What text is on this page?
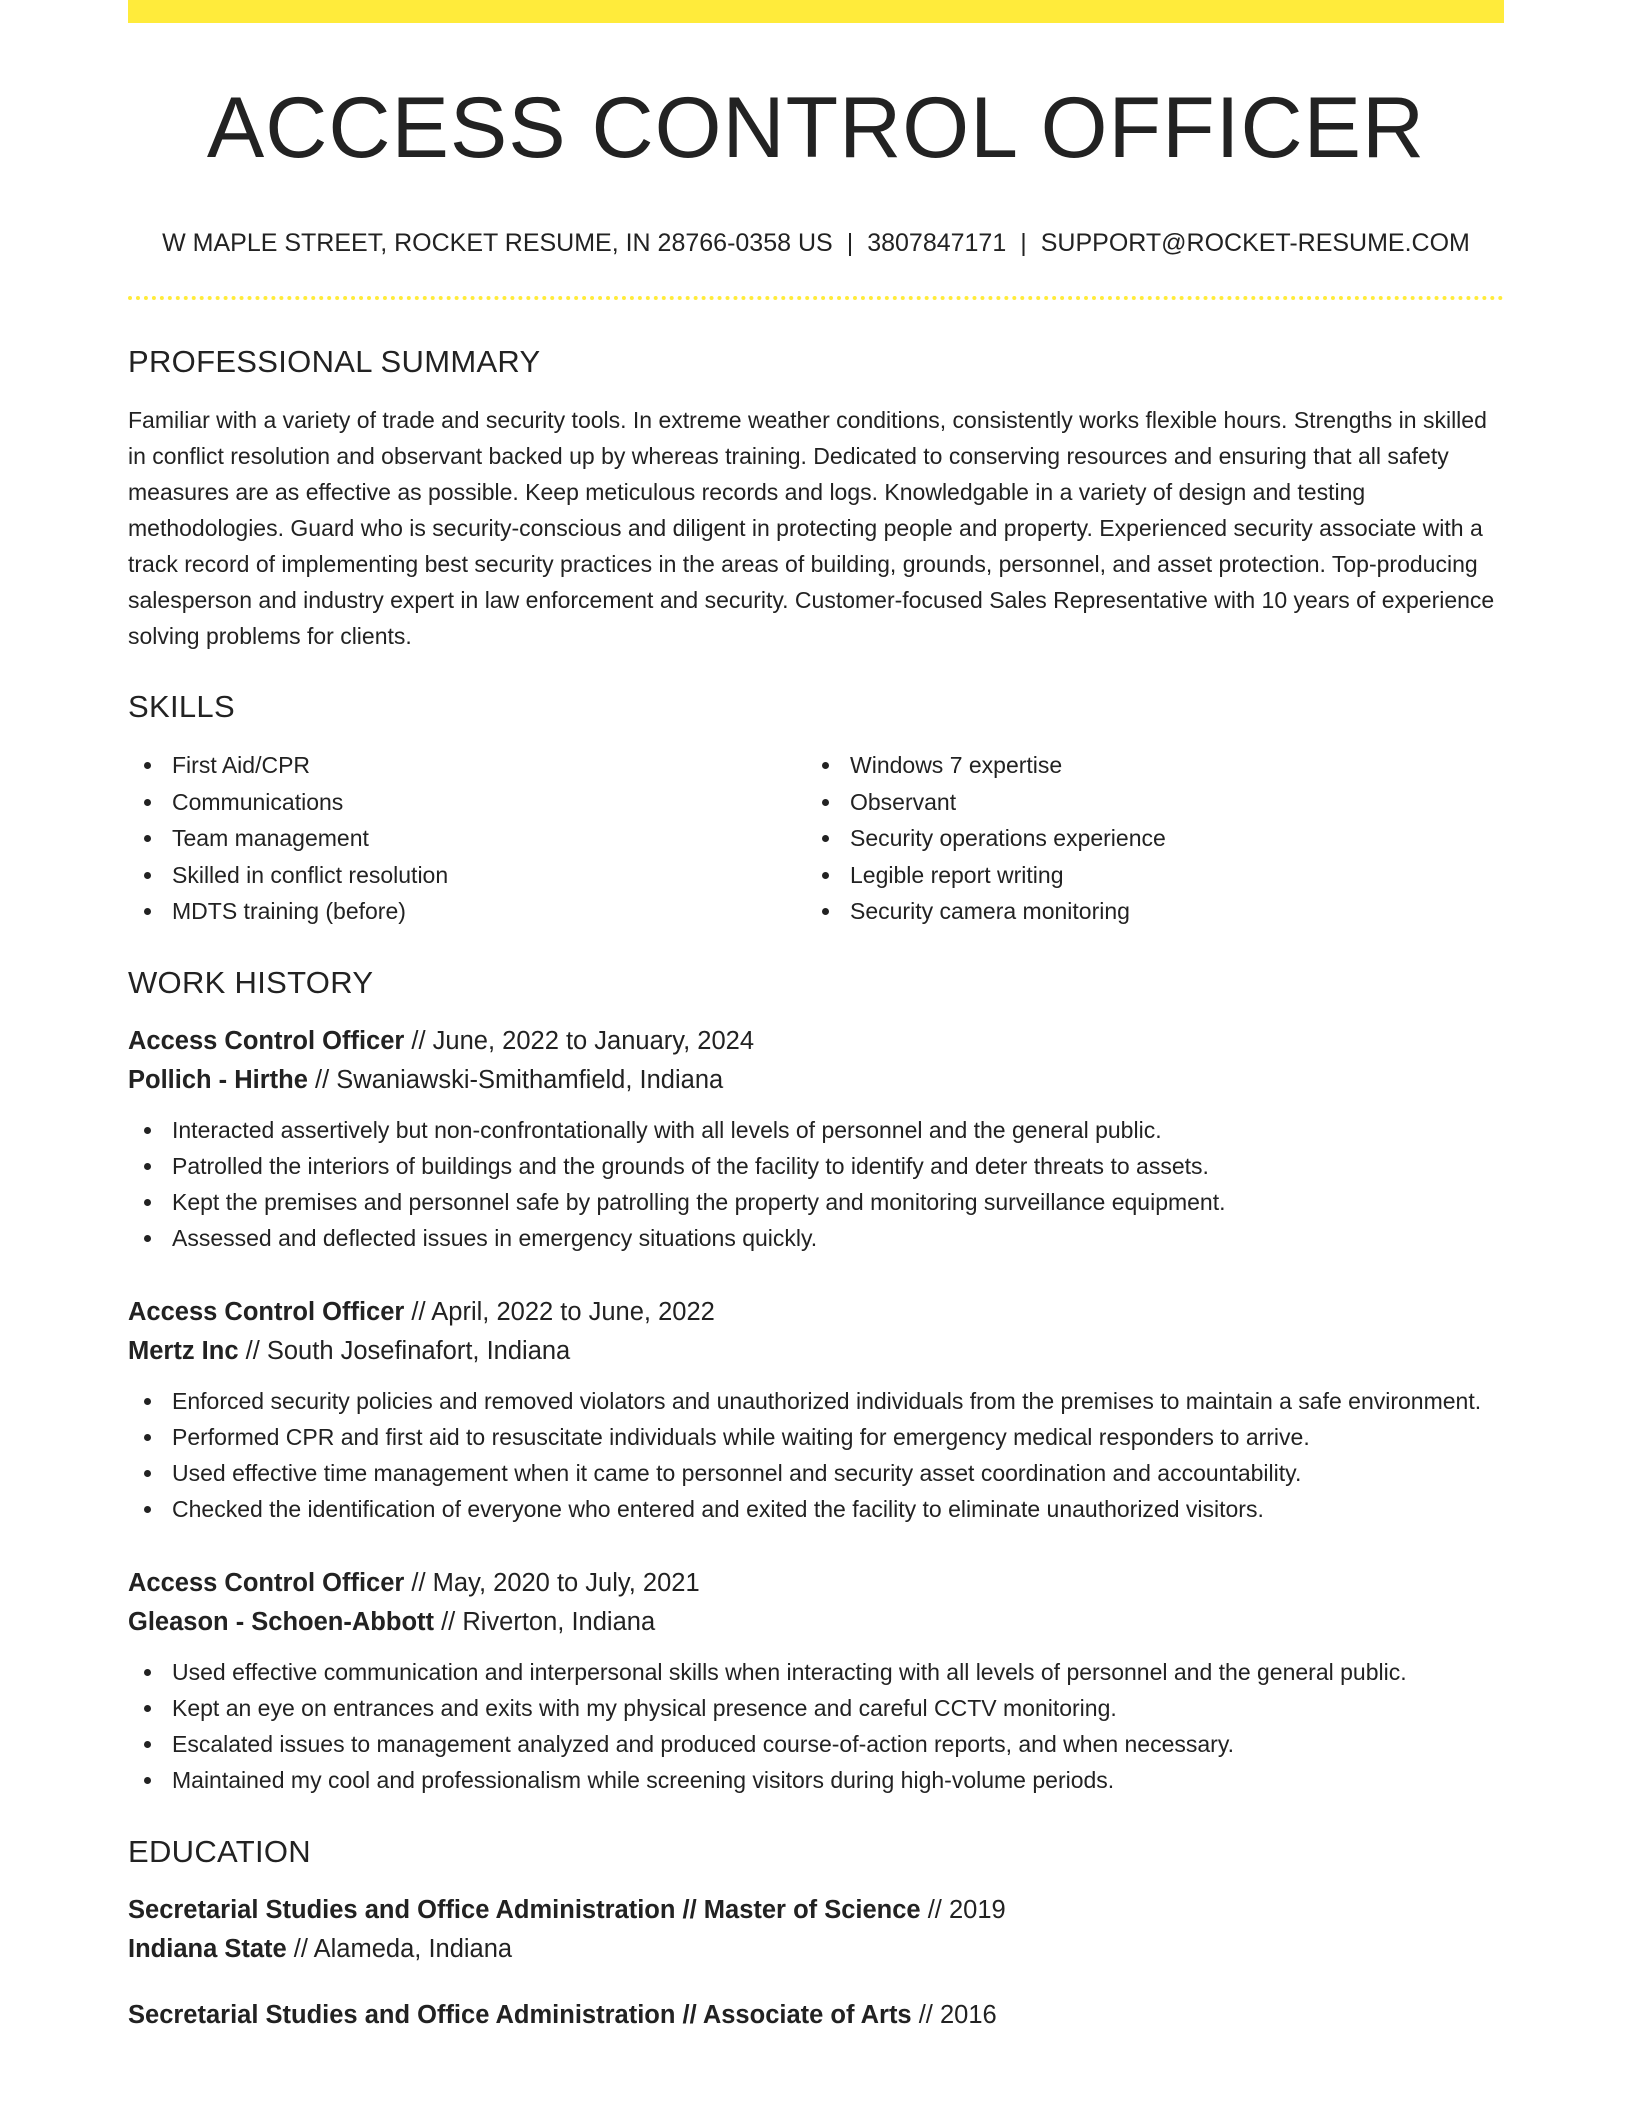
ACCESS CONTROL OFFICER
W MAPLE STREET, ROCKET RESUME, IN 28766-0358 US | 3807847171 | SUPPORT@ROCKET-RESUME.COM
PROFESSIONAL SUMMARY

Familiar with a variety of trade and security tools. In extreme weather conditions, consistently works flexible hours. Strengths in skilled in conflict resolution and observant backed up by whereas training. Dedicated to conserving resources and ensuring that all safety measures are as effective as possible. Keep meticulous records and logs. Knowledgable in a variety of design and testing methodologies. Guard who is security-conscious and diligent in protecting people and property. Experienced security associate with a track record of implementing best security practices in the areas of building, grounds, personnel, and asset protection. Top-producing salesperson and industry expert in law enforcement and security. Customer-focused Sales Representative with 10 years of experience solving problems for clients.

SKILLS
First Aid/CPR
Communications
Team management
Skilled in conflict resolution
MDTS training (before)
Windows 7 expertise
Observant
Security operations experience
Legible report writing
Security camera monitoring
WORK HISTORY
Access Control Officer // June, 2022 to January, 2024
Pollich - Hirthe // Swaniawski-Smithamfield, Indiana
Interacted assertively but non-confrontationally with all levels of personnel and the general public.
Patrolled the interiors of buildings and the grounds of the facility to identify and deter threats to assets.
Kept the premises and personnel safe by patrolling the property and monitoring surveillance equipment.
Assessed and deflected issues in emergency situations quickly.
Access Control Officer // April, 2022 to June, 2022
Mertz Inc // South Josefinafort, Indiana
Enforced security policies and removed violators and unauthorized individuals from the premises to maintain a safe environment.
Performed CPR and first aid to resuscitate individuals while waiting for emergency medical responders to arrive.
Used effective time management when it came to personnel and security asset coordination and accountability.
Checked the identification of everyone who entered and exited the facility to eliminate unauthorized visitors.
Access Control Officer // May, 2020 to July, 2021
Gleason - Schoen-Abbott // Riverton, Indiana
Used effective communication and interpersonal skills when interacting with all levels of personnel and the general public.
Kept an eye on entrances and exits with my physical presence and careful CCTV monitoring.
Escalated issues to management analyzed and produced course-of-action reports, and when necessary.
Maintained my cool and professionalism while screening visitors during high-volume periods.
EDUCATION
Secretarial Studies and Office Administration // Master of Science // 2019
Indiana State // Alameda, Indiana
Secretarial Studies and Office Administration // Associate of Arts // 2016
